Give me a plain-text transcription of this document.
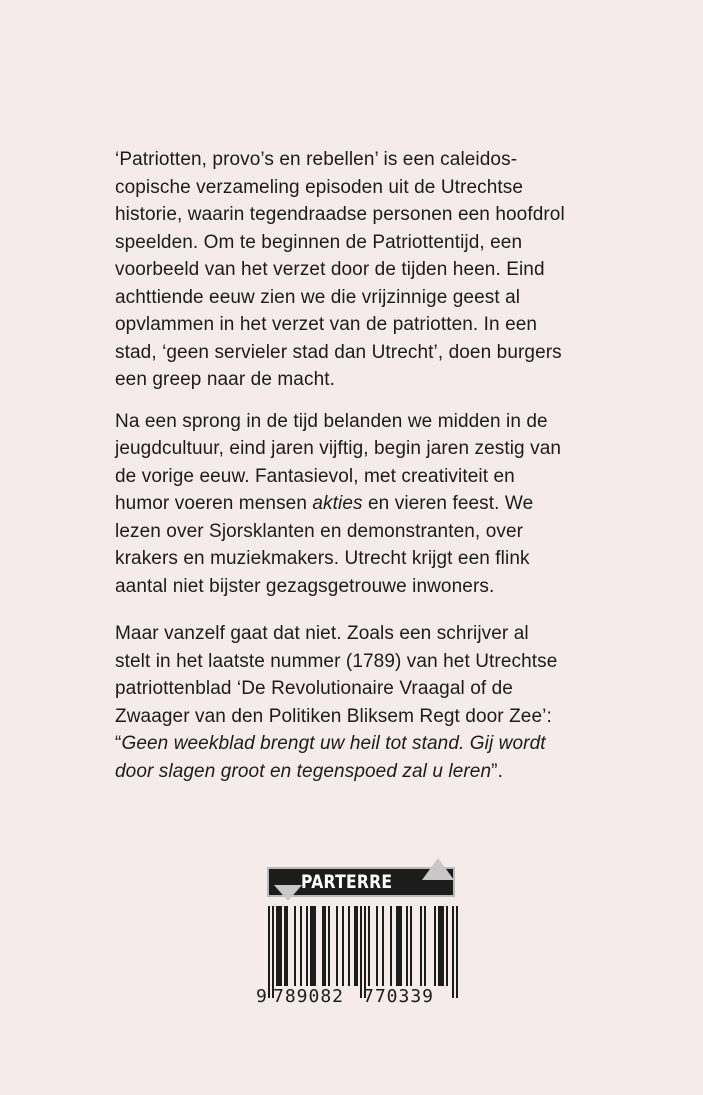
‘Patriotten, provo’s en rebellen’ is een caleidos-
copische verzameling episoden uit de Utrechtse
historie, waarin tegendraadse personen een hoofdrol
speelden. Om te beginnen de Patriottentijd, een
voorbeeld van het verzet door de tijden heen. Eind
achttiende eeuw zien we die vrijzinnige geest al
opvlammen in het verzet van de patriotten. In een
stad, ‘geen servieler stad dan Utrecht’, doen burgers
een greep naar de macht.

Na een sprong in de tijd belanden we midden in de
jeugdcultuur, eind jaren vijftig, begin jaren zestig van
de vorige eeuw. Fantasievol, met creativiteit en
humor voeren mensen akties en vieren feest. We
lezen over Sjorsklanten en demonstranten, over
krakers en muziekmakers. Utrecht krijgt een flink
aantal niet bijster gezagsgetrouwe inwoners.

Maar vanzelf gaat dat niet. Zoals een schrijver al
stelt in het laatste nummer (1789) van het Utrechtse
patriottenblad ‘De Revolutionaire Vraagal of de
Zwaager van den Politiken Bliksem Regt door Zee’:
“Geen weekblad brengt uw heil tot stand. Gij wordt
door slagen groot en tegenspoed zal u leren”.

PARTERRE
9 789082 770339
